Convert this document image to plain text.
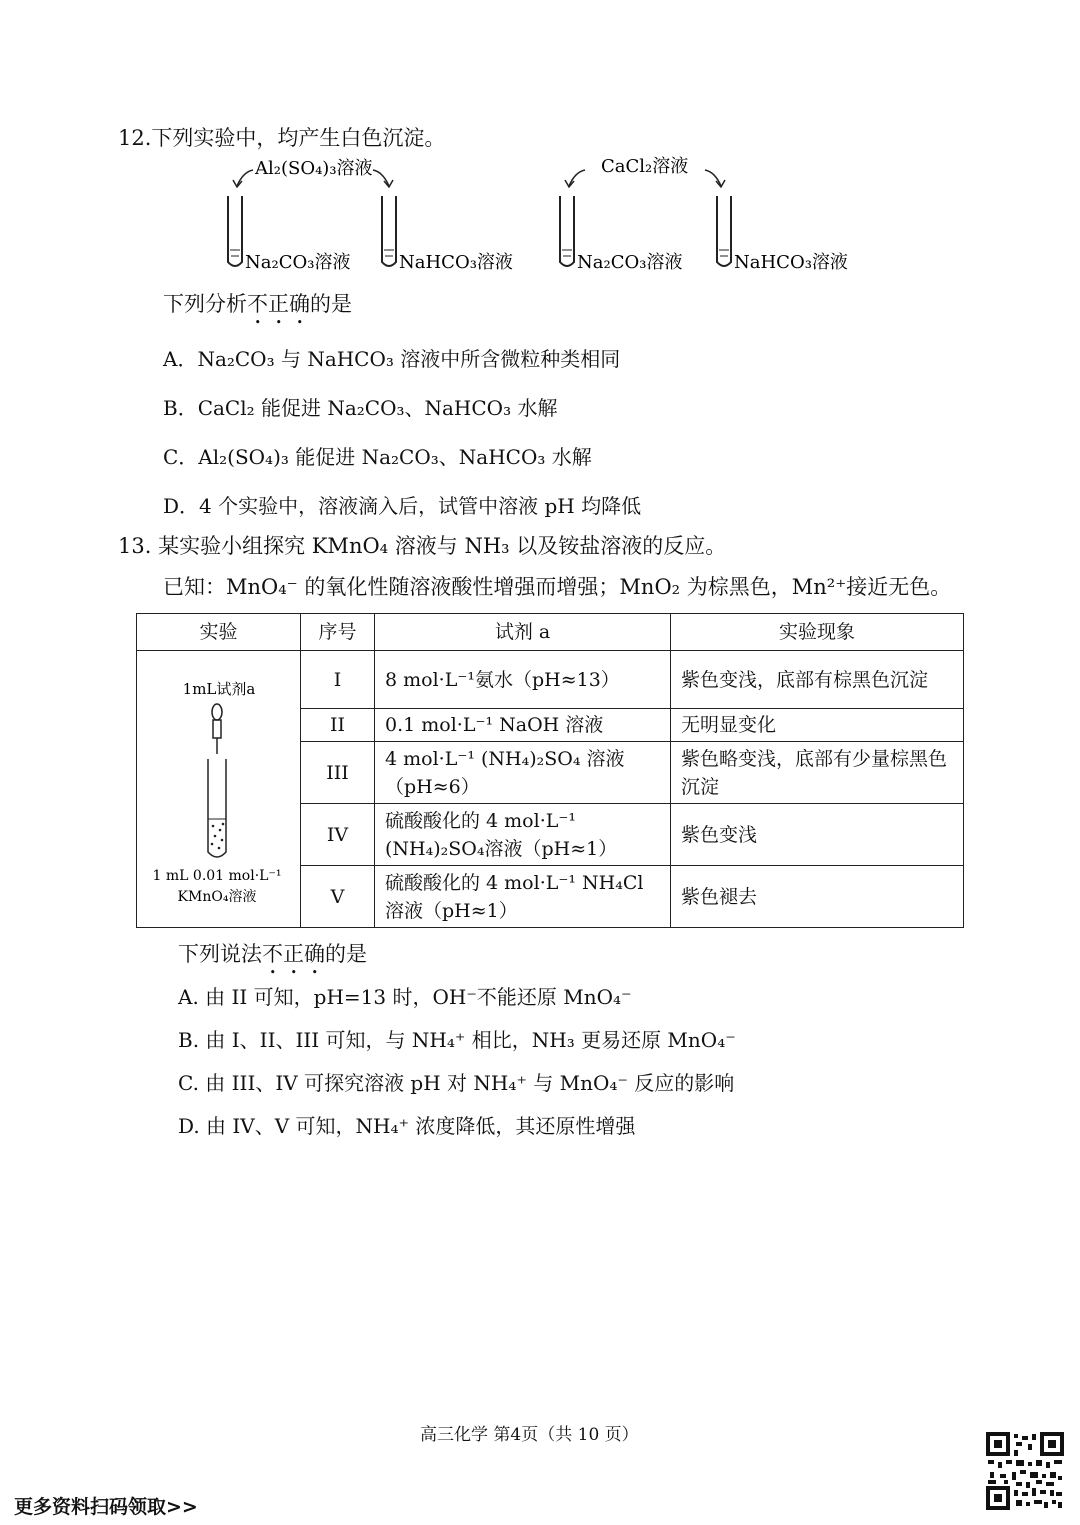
12.下列实验中，均产生白色沉淀。
Al₂(SO₄)₃溶液	CaCl₂溶液
Na₂CO₃溶液	NaHCO₃溶液	Na₂CO₃溶液	NaHCO₃溶液
下列分析不正确的是
A．Na₂CO₃ 与 NaHCO₃ 溶液中所含微粒种类相同
B．CaCl₂ 能促进 Na₂CO₃、NaHCO₃ 水解
C．Al₂(SO₄)₃ 能促进 Na₂CO₃、NaHCO₃ 水解
D．4 个实验中，溶液滴入后，试管中溶液 pH 均降低
13. 某实验小组探究 KMnO₄ 溶液与 NH₃ 以及铵盐溶液的反应。
已知：MnO₄⁻ 的氧化性随溶液酸性增强而增强；MnO₂ 为棕黑色，Mn²⁺接近无色。
实验	序号	试剂 a	实验现象

1mL试剂a
1 mL 0.01 mol·L⁻¹
KMnO₄溶液	I	8 mol·L⁻¹氨水（pH≈13）	紫色变浅，底部有棕黑色沉淀
	II	0.1 mol·L⁻¹ NaOH 溶液	无明显变化
	III	4 mol·L⁻¹ (NH₄)₂SO₄ 溶液（pH≈6）	紫色略变浅，底部有少量棕黑色沉淀
	IV	硫酸酸化的 4 mol·L⁻¹ (NH₄)₂SO₄溶液（pH≈1）	紫色变浅
	V	硫酸酸化的 4 mol·L⁻¹ NH₄Cl 溶液（pH≈1）	紫色褪去
下列说法不正确的是
A. 由 II 可知，pH=13 时，OH⁻不能还原 MnO₄⁻
B. 由 I、II、III 可知，与 NH₄⁺ 相比，NH₃ 更易还原 MnO₄⁻
C. 由 III、IV 可探究溶液 pH 对 NH₄⁺ 与 MnO₄⁻ 反应的影响
D. 由 IV、V 可知，NH₄⁺ 浓度降低，其还原性增强
高三化学 第4页（共 10 页）
更多资料扫码领取>>
